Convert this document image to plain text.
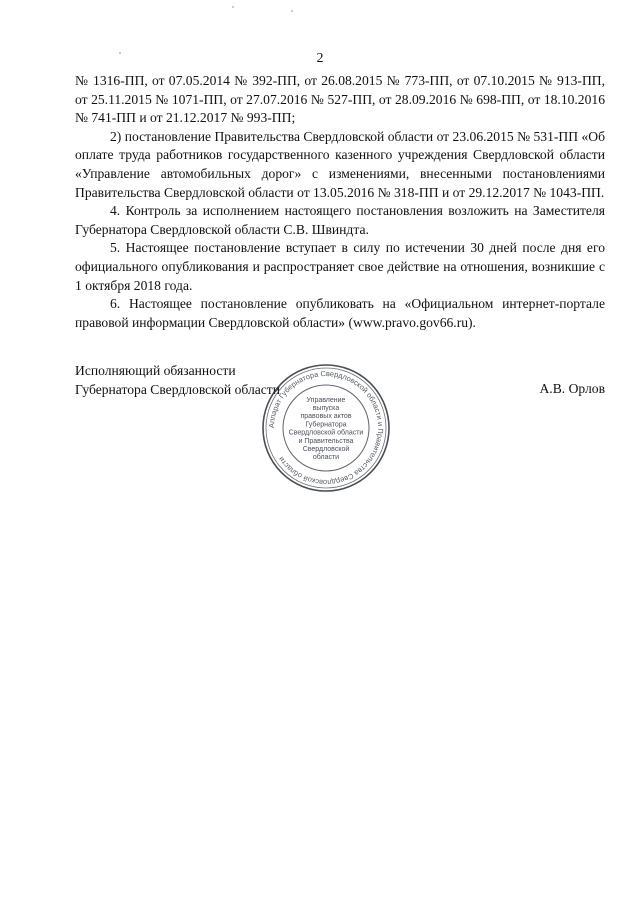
2

№ 1316-ПП, от 07.05.2014 № 392-ПП, от 26.08.2015 № 773-ПП, от 07.10.2015 № 913-ПП, от 25.11.2015 № 1071-ПП, от 27.07.2016 № 527-ПП, от 28.09.2016 № 698-ПП, от 18.10.2016 № 741-ПП и от 21.12.2017 № 993-ПП;

2) постановление Правительства Свердловской области от 23.06.2015 № 531-ПП «Об оплате труда работников государственного казенного учреждения Свердловской области «Управление автомобильных дорог» с изменениями, внесенными постановлениями Правительства Свердловской области от 13.05.2016 № 318-ПП и от 29.12.2017 № 1043-ПП.

4. Контроль за исполнением настоящего постановления возложить на Заместителя Губернатора Свердловской области С.В. Швиндта.

5. Настоящее постановление вступает в силу по истечении 30 дней после дня его официального опубликования и распространяет свое действие на отношения, возникшие с 1 октября 2018 года.

6. Настоящее постановление опубликовать на «Официальном интернет-портале правовой информации Свердловской области» (www.pravo.gov66.ru).

Исполняющий обязанности
Губернатора Свердловской области	А.В. Орлов
Аппарат Губернатора Свердловской области и Правительства Свердловской области
Управление
выпуска
правовых актов
Губернатора
Свердловской области
и Правительства
Свердловской
области
